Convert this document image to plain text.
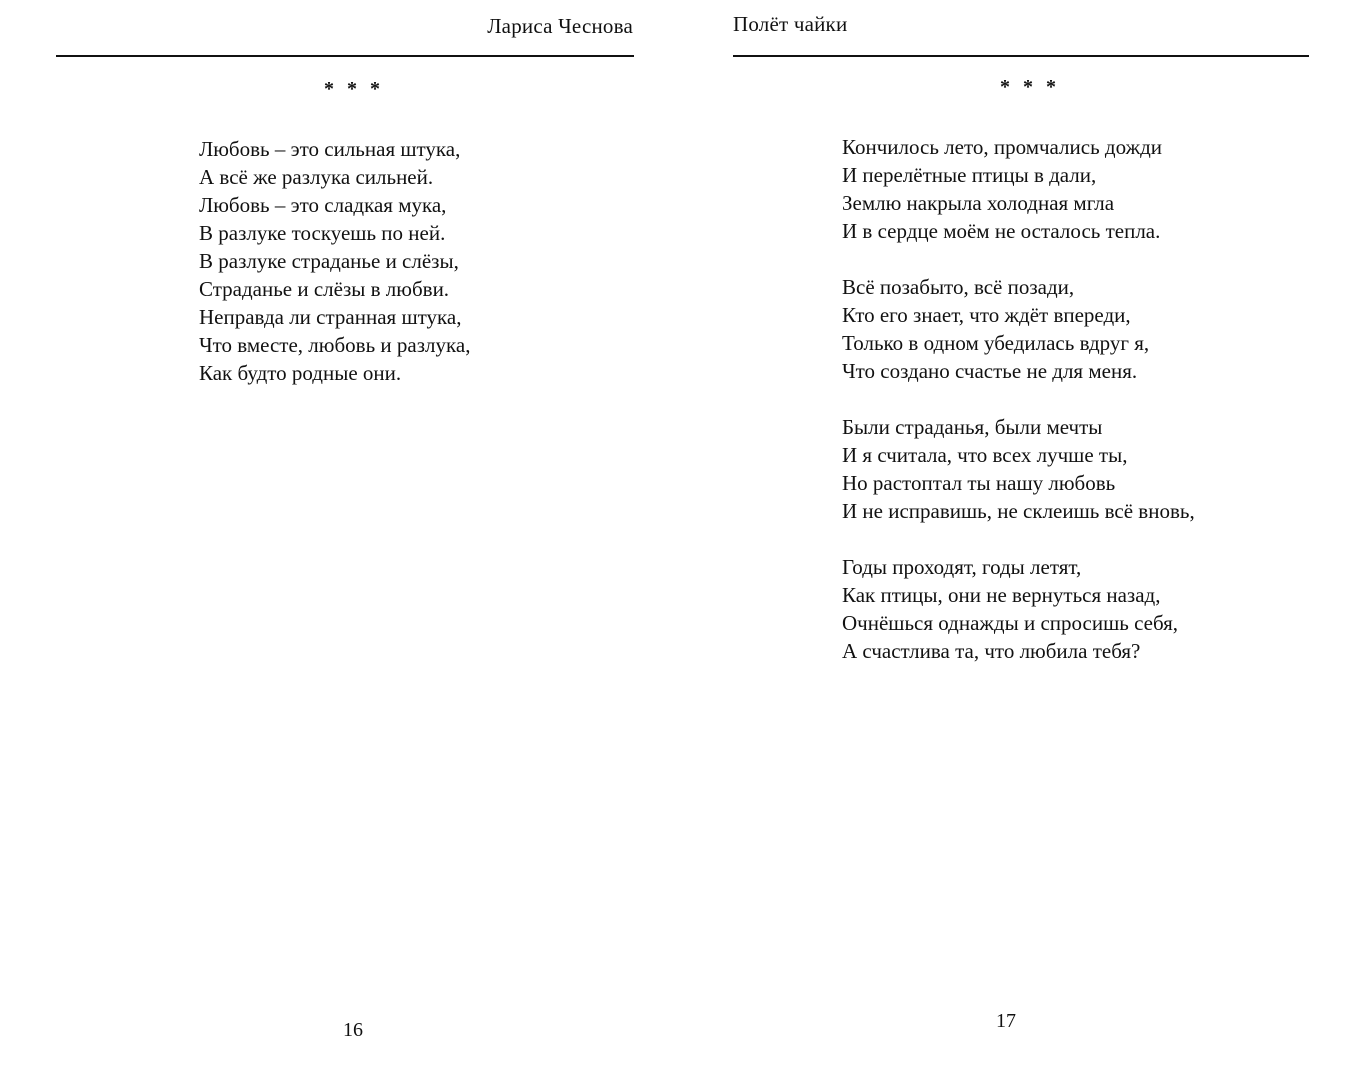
Лариса Чеснова
* * *
Любовь – это сильная штука,
А всё же разлука сильней.
Любовь – это сладкая мука,
В разлуке тоскуешь по ней.
В разлуке страданье и слёзы,
Страданье и слёзы в любви.
Неправда ли странная штука,
Что вместе, любовь и разлука,
Как будто родные они.
16
Полёт чайки
* * *
Кончилось лето, промчались дожди
И перелётные птицы в дали,
Землю накрыла холодная мгла
И в сердце моём не осталось тепла.
Всё позабыто, всё позади,
Кто его знает, что ждёт впереди,
Только в одном убедилась вдруг я,
Что создано счастье не для меня.
Были страданья, были мечты
И я считала, что всех лучше ты,
Но растоптал ты нашу любовь
И не исправишь, не склеишь всё вновь,
Годы проходят, годы летят,
Как птицы, они не вернуться назад,
Очнёшься однажды и спросишь себя,
А счастлива та, что любила тебя?
17
